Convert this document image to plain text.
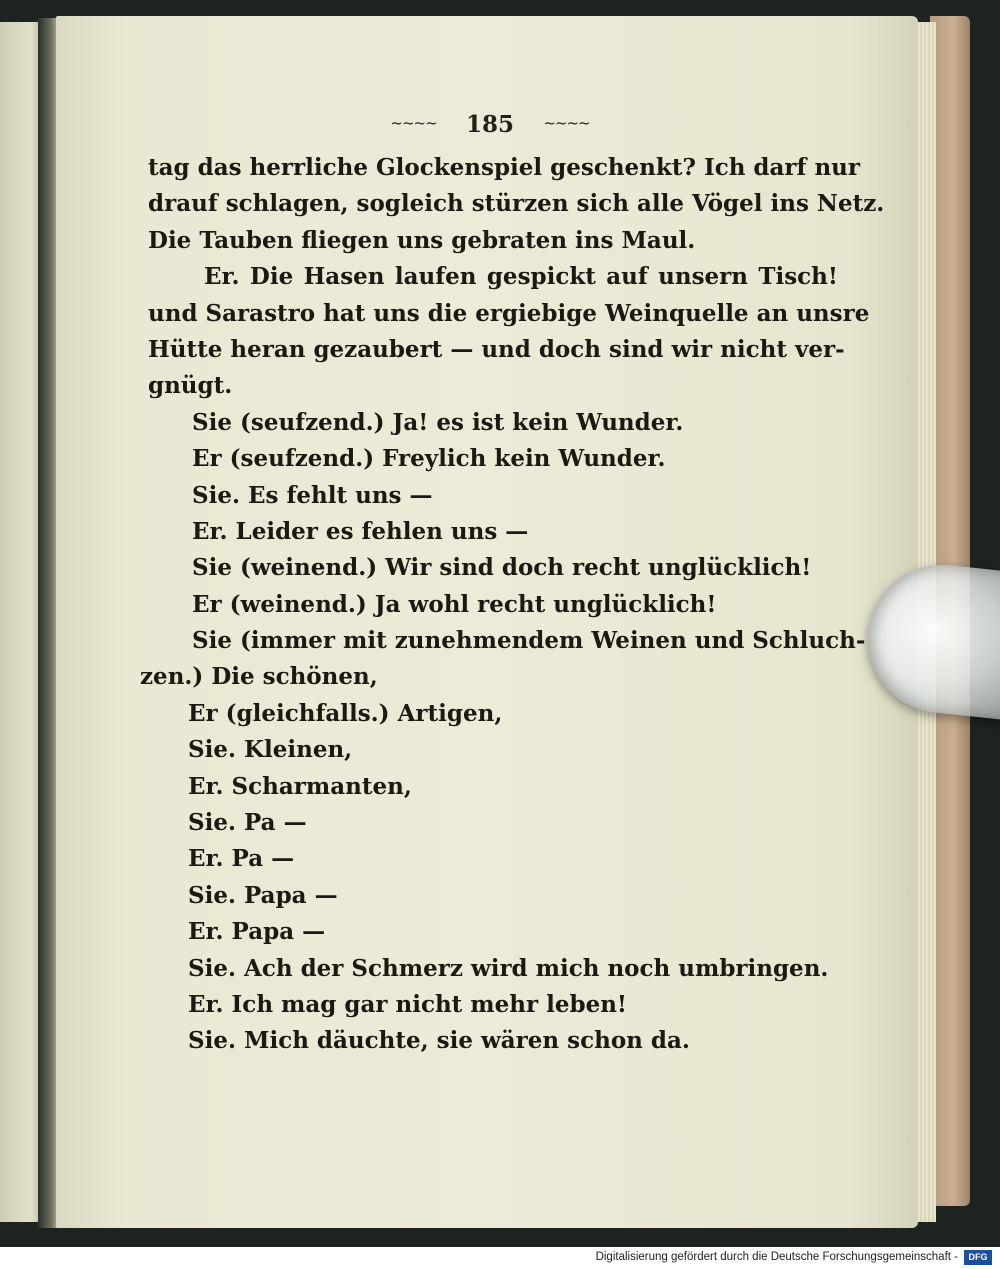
~~~~ 185 ~~~~
tag das herrliche Glockenspiel geschenkt? Ich darf nur
drauf schlagen, sogleich stürzen sich alle Vögel ins Netz.
Die Tauben fliegen uns gebraten ins Maul.
Er. Die Hasen laufen gespickt auf unsern Tisch!
und Sarastro hat uns die ergiebige Weinquelle an unsre
Hütte heran gezaubert — und doch sind wir nicht ver-
gnügt.
Sie (seufzend.) Ja! es ist kein Wunder.
Er (seufzend.) Freylich kein Wunder.
Sie. Es fehlt uns —
Er. Leider es fehlen uns —
Sie (weinend.) Wir sind doch recht unglücklich!
Er (weinend.) Ja wohl recht unglücklich!
Sie (immer mit zunehmendem Weinen und Schluch-
zen.) Die schönen,
Er (gleichfalls.) Artigen,
Sie. Kleinen,
Er. Scharmanten,
Sie. Pa —
Er. Pa —
Sie. Papa —
Er. Papa —
Sie. Ach der Schmerz wird mich noch umbringen.
Er. Ich mag gar nicht mehr leben!
Sie. Mich däuchte, sie wären schon da.
Digitalisierung gefördert durch die Deutsche Forschungsgemeinschaft -	DFG
